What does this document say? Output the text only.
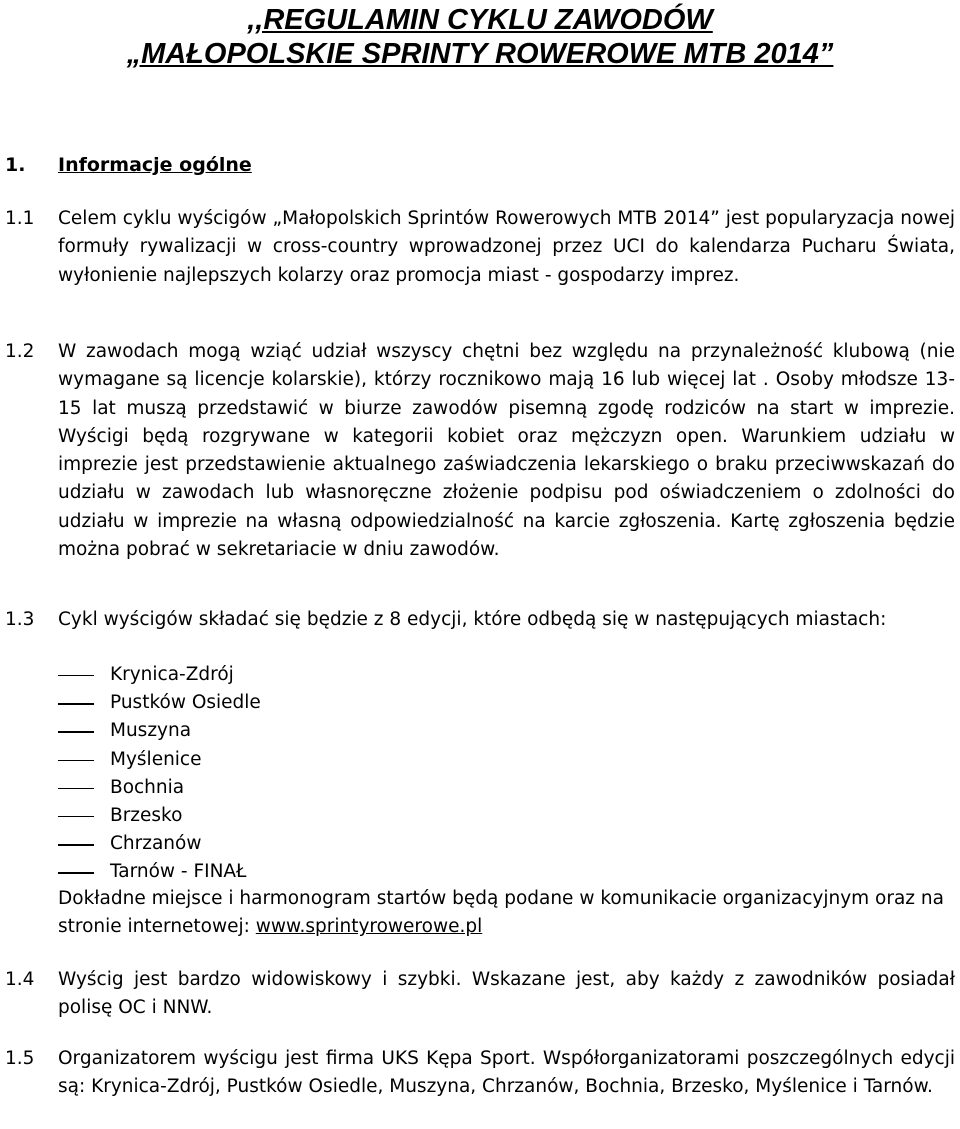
,,REGULAMIN CYKLU ZAWODÓW
„MAŁOPOLSKIE SPRINTY ROWEROWE MTB 2014”
1. Informacje ogólne

1.1	Celem cyklu wyścigów „Małopolskich Sprintów Rowerowych MTB 2014” jest popularyzacja nowej formuły rywalizacji w cross-country wprowadzonej przez UCI do kalendarza Pucharu Świata, wyłonienie najlepszych kolarzy oraz promocja miast - gospodarzy imprez.

1.2	W zawodach mogą wziąć udział wszyscy chętni bez względu na przynależność klubową (nie wymagane są licencje kolarskie), którzy rocznikowo mają 16 lub więcej lat . Osoby młodsze 13-15 lat muszą przedstawić w biurze zawodów pisemną zgodę rodziców na start w imprezie. Wyścigi będą rozgrywane w kategorii kobiet oraz mężczyzn open. Warunkiem udziału w imprezie jest przedstawienie aktualnego zaświadczenia lekarskiego o braku przeciwwskazań do udziału w zawodach lub własnoręczne złożenie podpisu pod oświadczeniem o zdolności do udziału w imprezie na własną odpowiedzialność na karcie zgłoszenia. Kartę zgłoszenia będzie można pobrać w sekretariacie w dniu zawodów.

1.3	Cykl wyścigów składać się będzie z 8 edycji, które odbędą się w następujących miastach:

Krynica-Zdrój
Pustków Osiedle
Muszyna
Myślenice
Bochnia
Brzesko
Chrzanów
Tarnów - FINAŁ

Dokładne miejsce i harmonogram startów będą podane w komunikacie organizacyjnym oraz na stronie internetowej: www.sprintyrowerowe.pl

1.4	Wyścig jest bardzo widowiskowy i szybki. Wskazane jest, aby każdy z zawodników posiadał polisę OC i NNW.

1.5	Organizatorem wyścigu jest firma UKS Kępa Sport. Współorganizatorami poszczególnych edycji są: Krynica-Zdrój, Pustków Osiedle, Muszyna, Chrzanów, Bochnia, Brzesko, Myślenice i Tarnów.
